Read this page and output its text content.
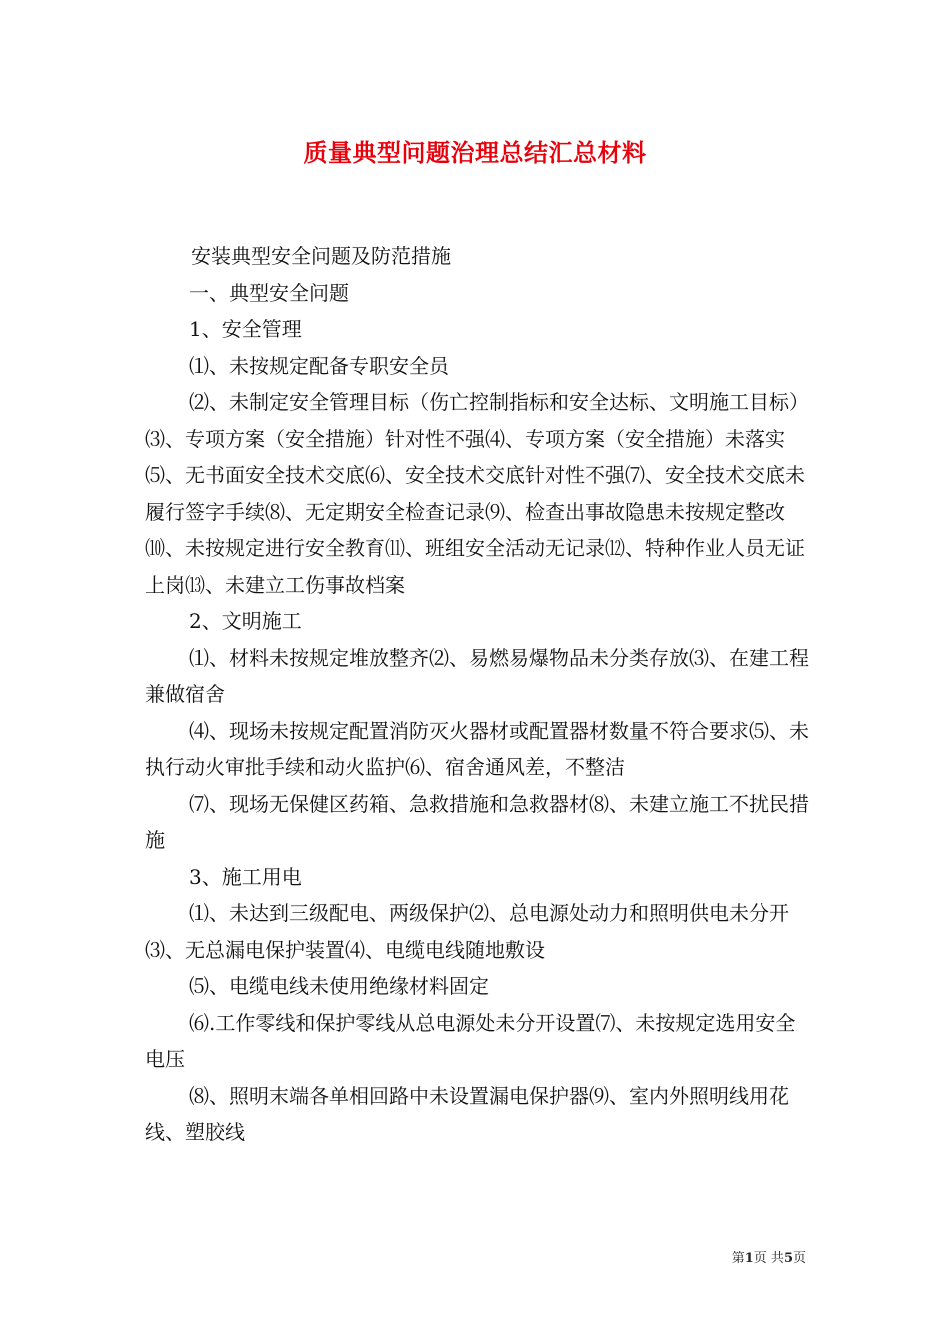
质量典型问题治理总结汇总材料

安装典型安全问题及防范措施

一、典型安全问题

1、安全管理

⑴、未按规定配备专职安全员

⑵、未制定安全管理目标（伤亡控制指标和安全达标、文明施工目标）⑶、专项方案（安全措施）针对性不强⑷、专项方案（安全措施）未落实⑸、无书面安全技术交底⑹、安全技术交底针对性不强⑺、安全技术交底未履行签字手续⑻、无定期安全检查记录⑼、检查出事故隐患未按规定整改⑽、未按规定进行安全教育⑾、班组安全活动无记录⑿、特种作业人员无证上岗⒀、未建立工伤事故档案

2、文明施工

⑴、材料未按规定堆放整齐⑵、易燃易爆物品未分类存放⑶、在建工程兼做宿舍

⑷、现场未按规定配置消防灭火器材或配置器材数量不符合要求⑸、未执行动火审批手续和动火监护⑹、宿舍通风差，不整洁

⑺、现场无保健区药箱、急救措施和急救器材⑻、未建立施工不扰民措施

3、施工用电

⑴、未达到三级配电、两级保护⑵、总电源处动力和照明供电未分开⑶、无总漏电保护装置⑷、电缆电线随地敷设

⑸、电缆电线未使用绝缘材料固定

⑹.工作零线和保护零线从总电源处未分开设置⑺、未按规定选用安全电压

⑻、照明末端各单相回路中未设置漏电保护器⑼、室内外照明线用花线、塑胶线

第1页 共5页
